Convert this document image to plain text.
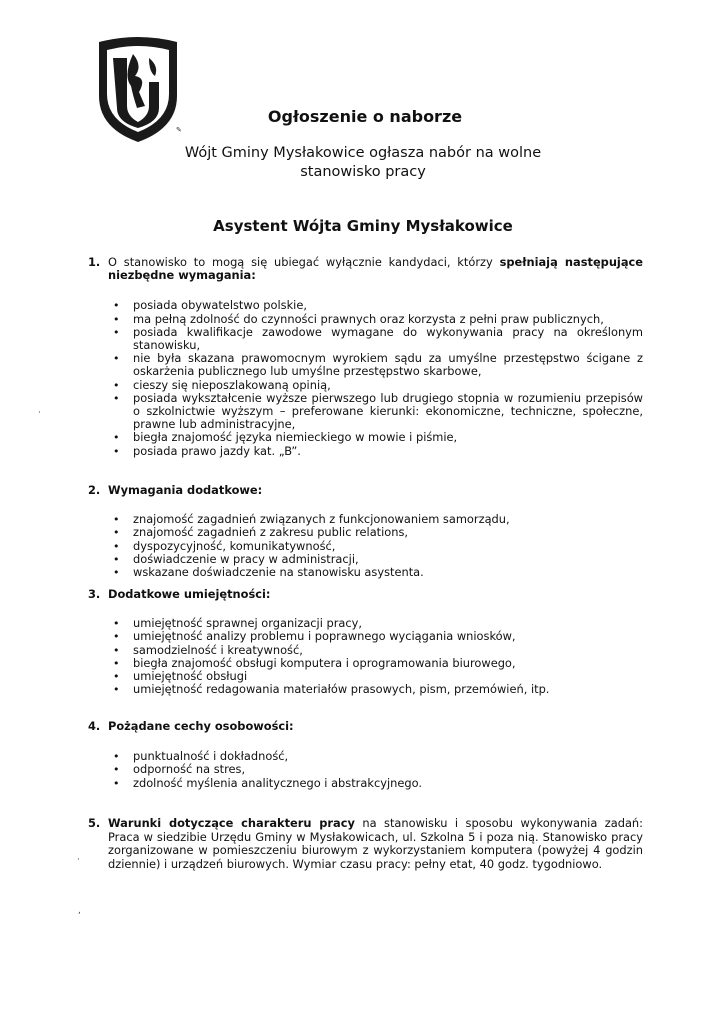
✎
Ogłoszenie o naborze
Wójt Gminy Mysłakowice ogłasza nabór na wolne
stanowisko pracy
Asystent Wójta Gminy Mysłakowice
1. O stanowisko to mogą się ubiegać wyłącznie kandydaci, którzy spełniają następujące niezbędne wymagania:
• posiada obywatelstwo polskie,
• ma pełną zdolność do czynności prawnych oraz korzysta z pełni praw publicznych,
• posiada kwalifikacje zawodowe wymagane do wykonywania pracy na określonym stanowisku,
• nie była skazana prawomocnym wyrokiem sądu za umyślne przestępstwo ścigane z oskarżenia publicznego lub umyślne przestępstwo skarbowe,
• cieszy się nieposzlakowaną opinią,
• posiada wykształcenie wyższe pierwszego lub drugiego stopnia w rozumieniu przepisów o szkolnictwie wyższym – preferowane kierunki: ekonomiczne, techniczne, społeczne, prawne lub administracyjne,
• biegła znajomość języka niemieckiego w mowie i piśmie,
• posiada prawo jazdy kat. „B”.
2. Wymagania dodatkowe:
• znajomość zagadnień związanych z funkcjonowaniem samorządu,
• znajomość zagadnień z zakresu public relations,
• dyspozycyjność, komunikatywność,
• doświadczenie w pracy w administracji,
• wskazane doświadczenie na stanowisku asystenta.
3. Dodatkowe umiejętności:
• umiejętność sprawnej organizacji pracy,
• umiejętność analizy problemu i poprawnego wyciągania wniosków,
• samodzielność i kreatywność,
• biegła znajomość obsługi komputera i oprogramowania biurowego,
• umiejętność obsługi
• umiejętność redagowania materiałów prasowych, pism, przemówień, itp.
4. Pożądane cechy osobowości:
• punktualność i dokładność,
• odporność na stres,
• zdolność myślenia analitycznego i abstrakcyjnego.
5. Warunki dotyczące charakteru pracy na stanowisku i sposobu wykonywania zadań: Praca w siedzibie Urzędu Gminy w Mysłakowicach, ul. Szkolna 5 i poza nią. Stanowisko pracy zorganizowane w pomieszczeniu biurowym z wykorzystaniem komputera (powyżej 4 godzin dziennie) i urządzeń biurowych. Wymiar czasu pracy: pełny etat, 40 godz. tygodniowo.
·
·
,
